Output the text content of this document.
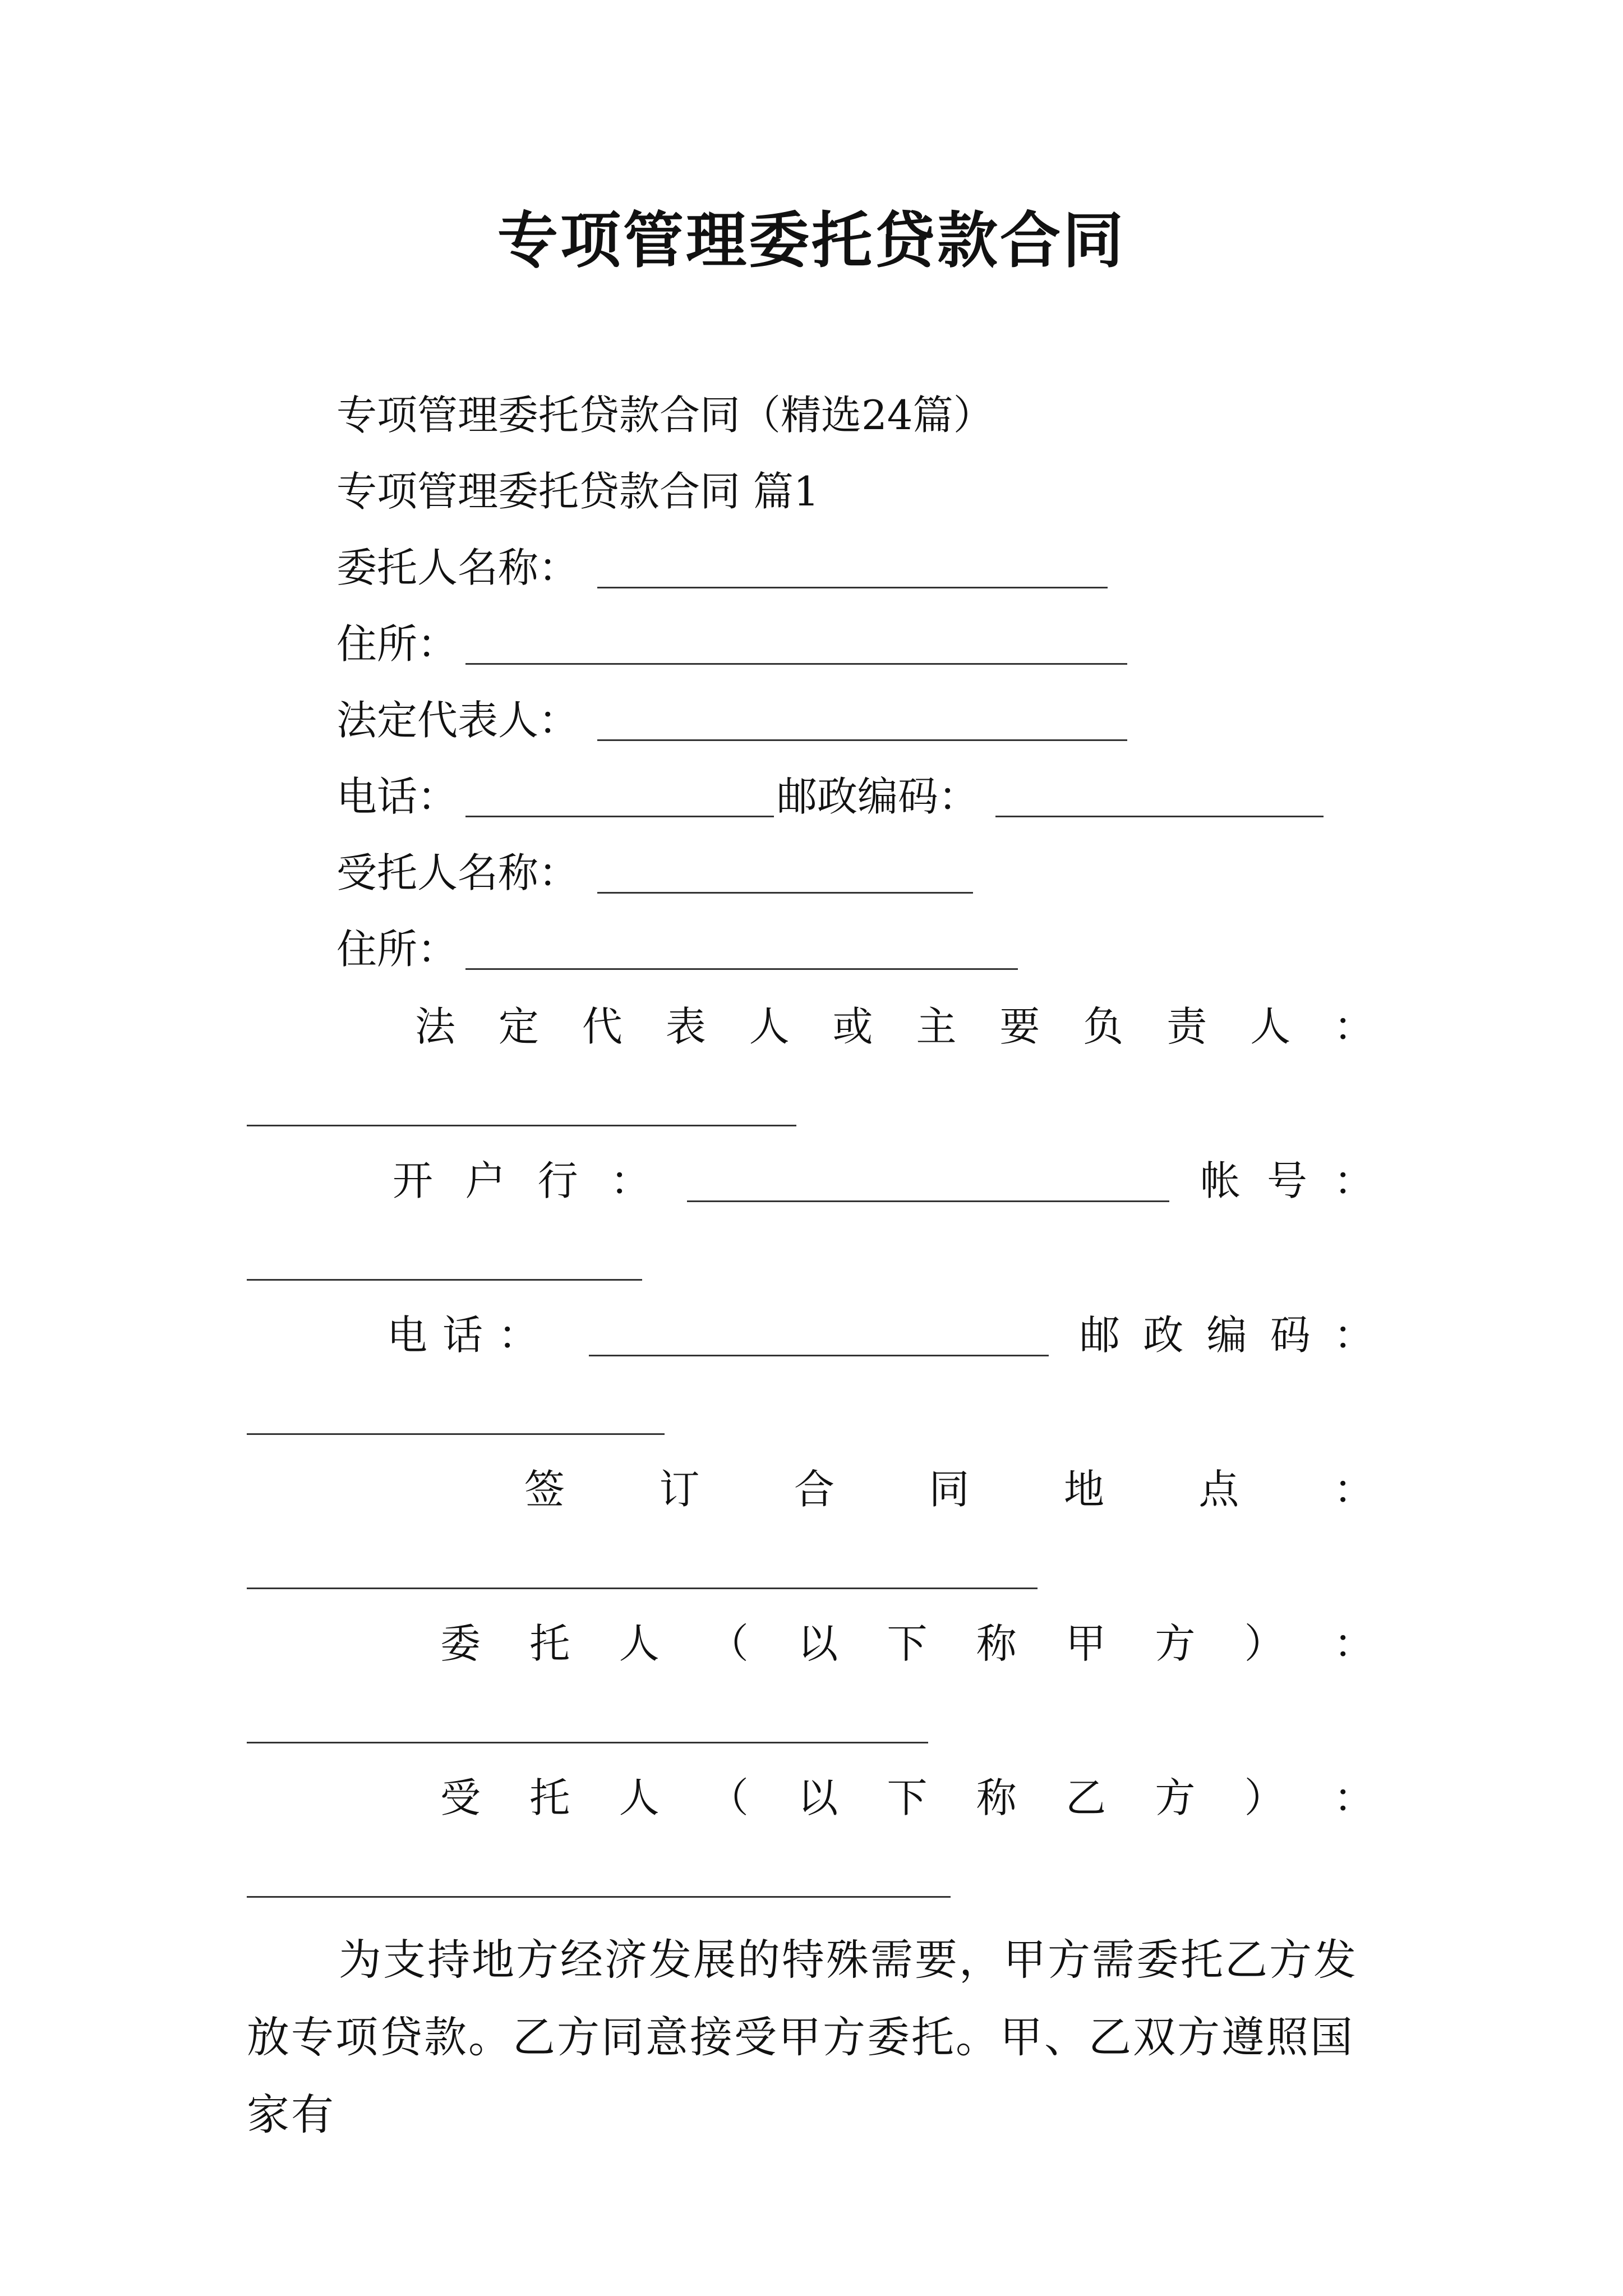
专项管理委托贷款合同
专项管理委托贷款合同（精选24篇）
专项管理委托贷款合同 篇1
委托人名称：
住所：
法定代表人：
电话：	邮政编码：
受托人名称：
住所：
法 定 代 表 人 或 主 要 负 责 人 ：
开 户 行 ：	帐 号 ：
电 话 ：	邮 政 编 码 ：
签 订 合 同 地 点 ：
委 托 人 （ 以 下 称 甲 方 ） ：
受 托 人 （ 以 下 称 乙 方 ） ：
为支持地方经济发展的特殊需要，甲方需委托乙方发放专项贷款。乙方同意接受甲方委托。甲、乙双方遵照国家有
